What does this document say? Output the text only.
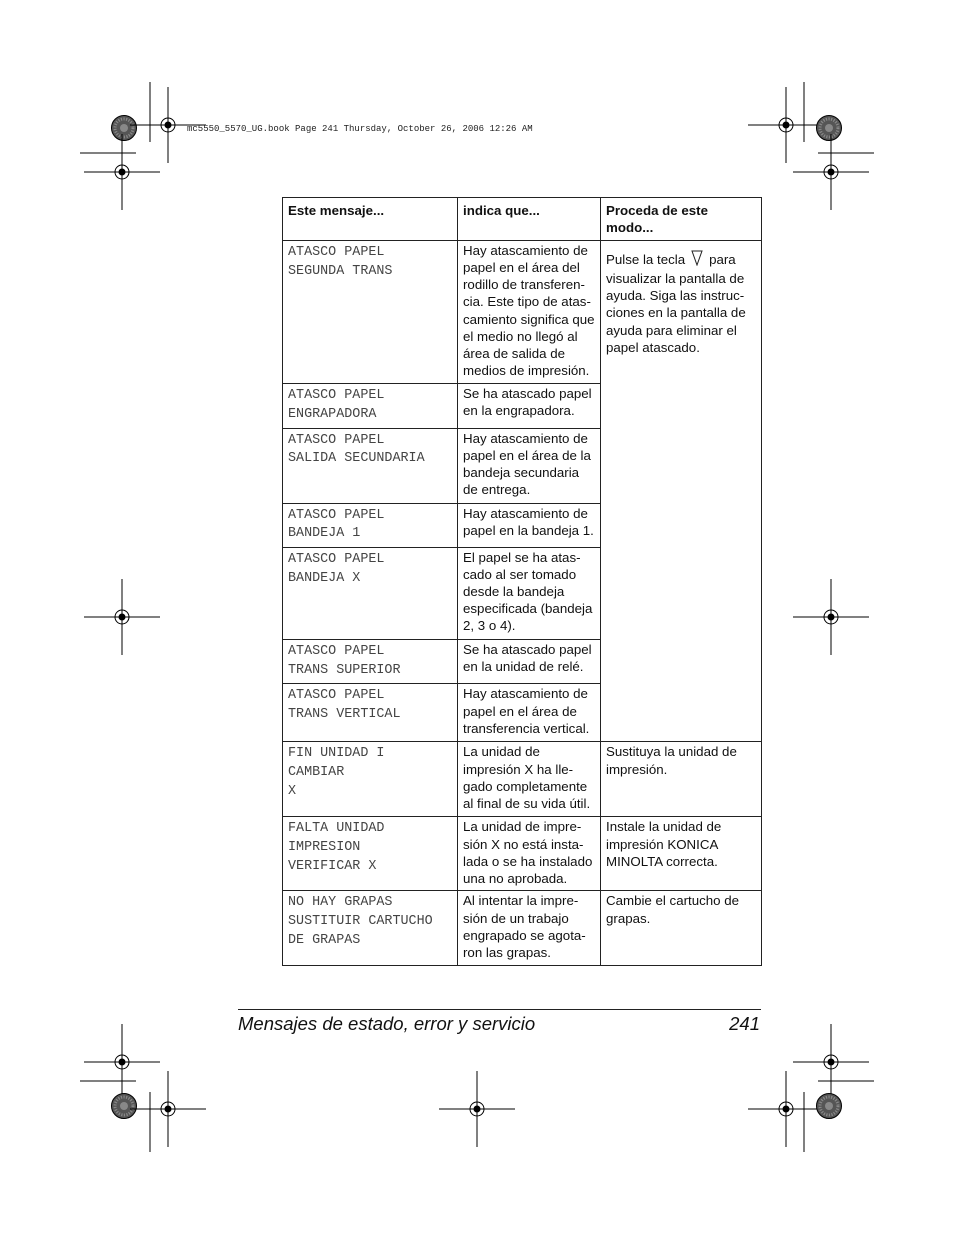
mc5550_5570_UG.book Page 241 Thursday, October 26, 2006 12:26 AM
Este mensaje...	indica que...	Proceda de este modo...
ATASCO PAPEL
SEGUNDA TRANS	Hay atascamiento de papel en el área del rodillo de transferen-cia. Este tipo de atas-camiento significa que el medio no llegó al área de salida de medios de impresión.	Pulse la tecla para visualizar la pantalla de ayuda. Siga las instruc-ciones en la pantalla de ayuda para eliminar el papel atascado.
ATASCO PAPEL
ENGRAPADORA	Se ha atascado papel en la engrapadora.	
ATASCO PAPEL
SALIDA SECUNDARIA	Hay atascamiento de papel en el área de la bandeja secundaria de entrega.	
ATASCO PAPEL
BANDEJA 1	Hay atascamiento de papel en la bandeja 1.	
ATASCO PAPEL
BANDEJA X	El papel se ha atas-cado al ser tomado desde la bandeja especificada (bandeja 2, 3 o 4).	
ATASCO PAPEL
TRANS SUPERIOR	Se ha atascado papel en la unidad de relé.	
ATASCO PAPEL
TRANS VERTICAL	Hay atascamiento de papel en el área de transferencia vertical.	
FIN UNIDAD I
CAMBIAR
X	La unidad de impresión X ha lle-gado completamente al final de su vida útil.	Sustituya la unidad de impresión.
FALTA UNIDAD
IMPRESION
VERIFICAR X	La unidad de impre-sión X no está insta-lada o se ha instalado una no aprobada.	Instale la unidad de impresión KONICA MINOLTA correcta.
NO HAY GRAPAS
SUSTITUIR CARTUCHO
DE GRAPAS	Al intentar la impre-sión de un trabajo engrapado se agota-ron las grapas.	Cambie el cartucho de grapas.
Mensajes de estado, error y servicio	241
